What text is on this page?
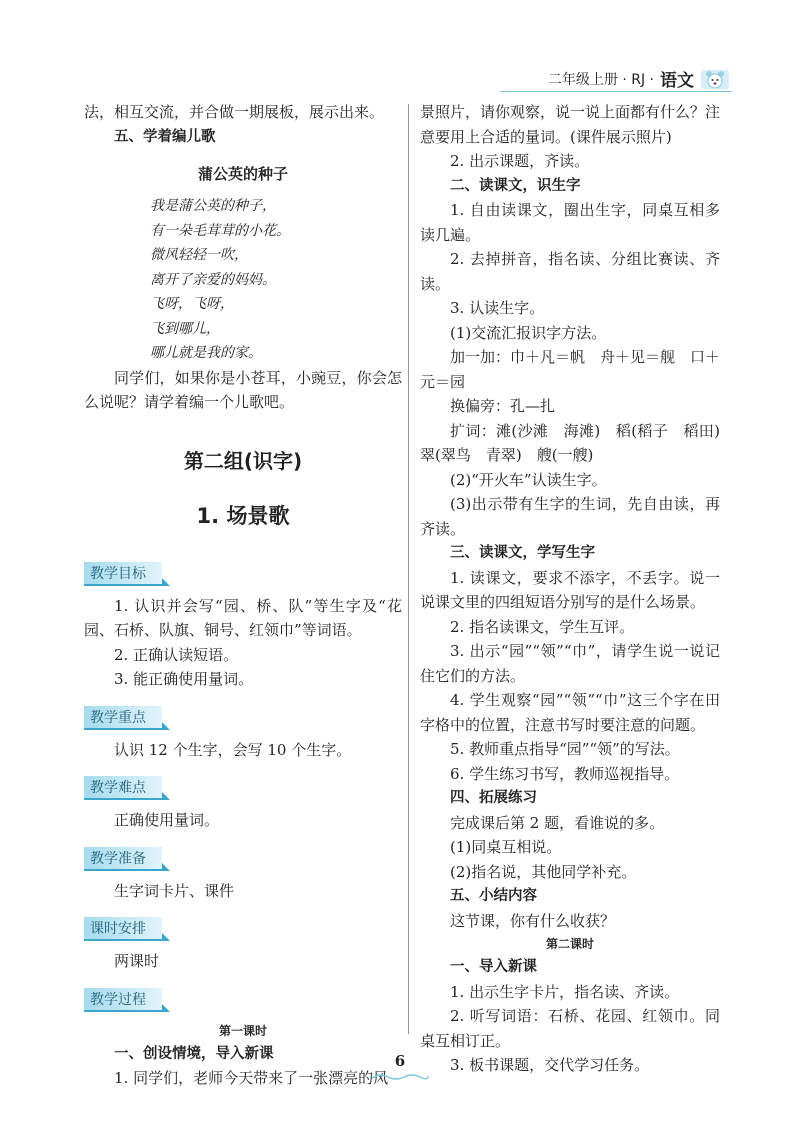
二年级上册 · RJ · 语文

法，相互交流，并合做一期展板，展示出来。

五、学着编儿歌

蒲公英的种子

我是蒲公英的种子，

有一朵毛茸茸的小花。

微风轻轻一吹，

离开了亲爱的妈妈。

飞呀，飞呀，

飞到哪儿，

哪儿就是我的家。

同学们，如果你是小苍耳，小豌豆，你会怎么说呢？请学着编一个儿歌吧。

第二组(识字)
1. 场景歌
教学目标

1. 认识并会写“园、桥、队”等生字及“花园、石桥、队旗、铜号、红领巾”等词语。

2. 正确认读短语。

3. 能正确使用量词。

教学重点

认识 12 个生字，会写 10 个生字。

教学难点

正确使用量词。

教学准备

生字词卡片、课件

课时安排

两课时

教学过程
第一课时

一、创设情境，导入新课

1. 同学们，老师今天带来了一张漂亮的风

景照片，请你观察，说一说上面都有什么？注意要用上合适的量词。(课件展示照片)

2. 出示课题，齐读。

二、读课文，识生字

1. 自由读课文，圈出生字，同桌互相多读几遍。

2. 去掉拼音，指名读、分组比赛读、齐读。

3. 认读生字。

(1)交流汇报识字方法。

加一加：巾＋凡＝帆　舟＋见＝舰　口＋元＝园

换偏旁：孔—扎

扩词：滩(沙滩　海滩)　稻(稻子　稻田)　翠(翠鸟　青翠)　艘(一艘)

(2)“开火车”认读生字。

(3)出示带有生字的生词，先自由读，再齐读。

三、读课文，学写生字

1. 读课文，要求不添字，不丢字。说一说课文里的四组短语分别写的是什么场景。

2. 指名读课文，学生互评。

3. 出示“园”“领”“巾”，请学生说一说记住它们的方法。

4. 学生观察“园”“领”“巾”这三个字在田字格中的位置，注意书写时要注意的问题。

5. 教师重点指导“园”“领”的写法。

6. 学生练习书写，教师巡视指导。

四、拓展练习

完成课后第 2 题，看谁说的多。

(1)同桌互相说。

(2)指名说，其他同学补充。

五、小结内容

这节课，你有什么收获？

第二课时

一、导入新课

1. 出示生字卡片，指名读、齐读。

2. 听写词语：石桥、花园、红领巾。同桌互相订正。

3. 板书课题，交代学习任务。

6
